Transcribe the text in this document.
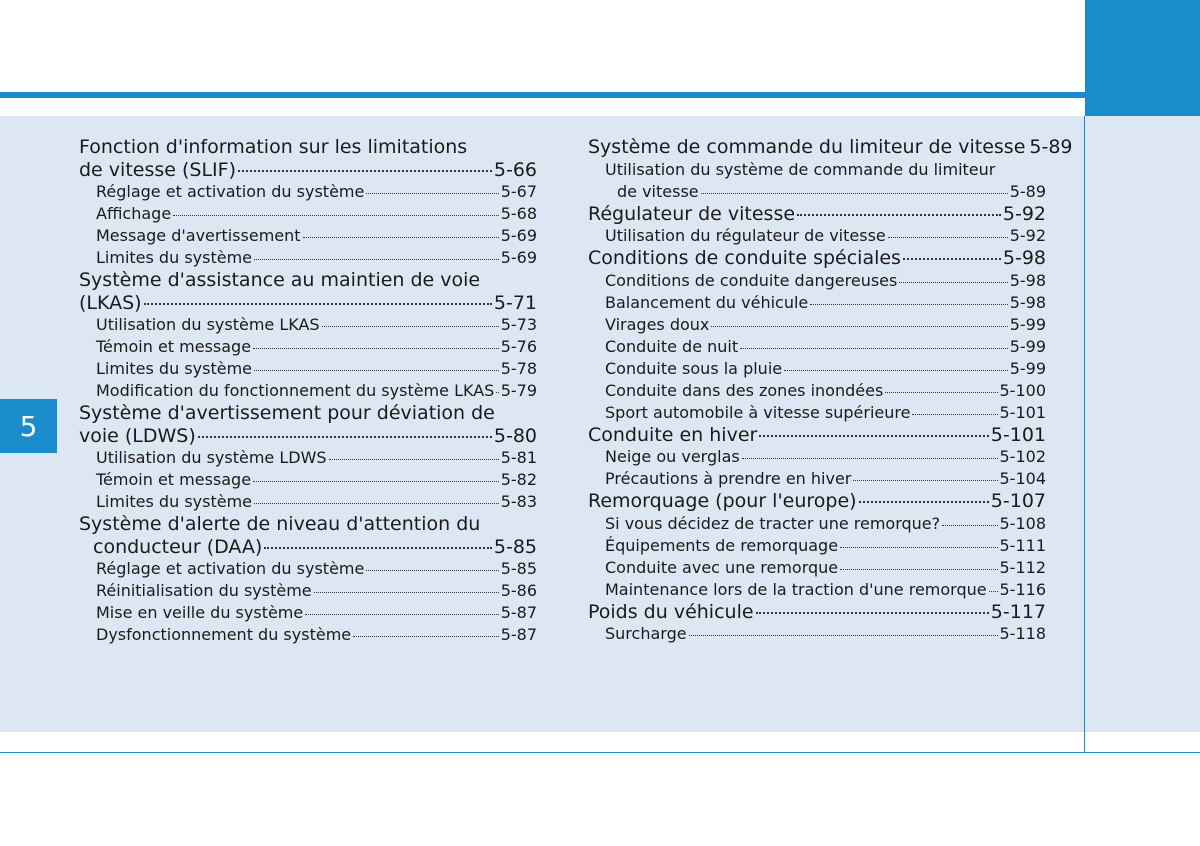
5
Fonction d'information sur les limitations
de vitesse (SLIF)	5-66
Réglage et activation du système	5-67
Affichage	5-68
Message d'avertissement	5-69
Limites du système	5-69
Système d'assistance au maintien de voie
(LKAS)	5-71
Utilisation du système LKAS	5-73
Témoin et message	5-76
Limites du système	5-78
Modification du fonctionnement du système LKAS 5-79
Système d'avertissement pour déviation de
voie (LDWS)	5-80
Utilisation du système LDWS	5-81
Témoin et message	5-82
Limites du système	5-83
Système d'alerte de niveau d'attention du
conducteur (DAA)	5-85
Réglage et activation du système	5-85
Réinitialisation du système	5-86
Mise en veille du système	5-87
Dysfonctionnement du système	5-87
Système de commande du limiteur de vitesse 5-89
Utilisation du système de commande du limiteur
de vitesse	5-89
Régulateur de vitesse	5-92
Utilisation du régulateur de vitesse	5-92
Conditions de conduite spéciales	5-98
Conditions de conduite dangereuses	5-98
Balancement du véhicule	5-98
Virages doux	5-99
Conduite de nuit	5-99
Conduite sous la pluie	5-99
Conduite dans des zones inondées	5-100
Sport automobile à vitesse supérieure	5-101
Conduite en hiver	5-101
Neige ou verglas	5-102
Précautions à prendre en hiver	5-104
Remorquage (pour l'europe)	5-107
Si vous décidez de tracter une remorque?	5-108
Équipements de remorquage	5-111
Conduite avec une remorque	5-112
Maintenance lors de la traction d'une remorque 5-116
Poids du véhicule	5-117
Surcharge	5-118
